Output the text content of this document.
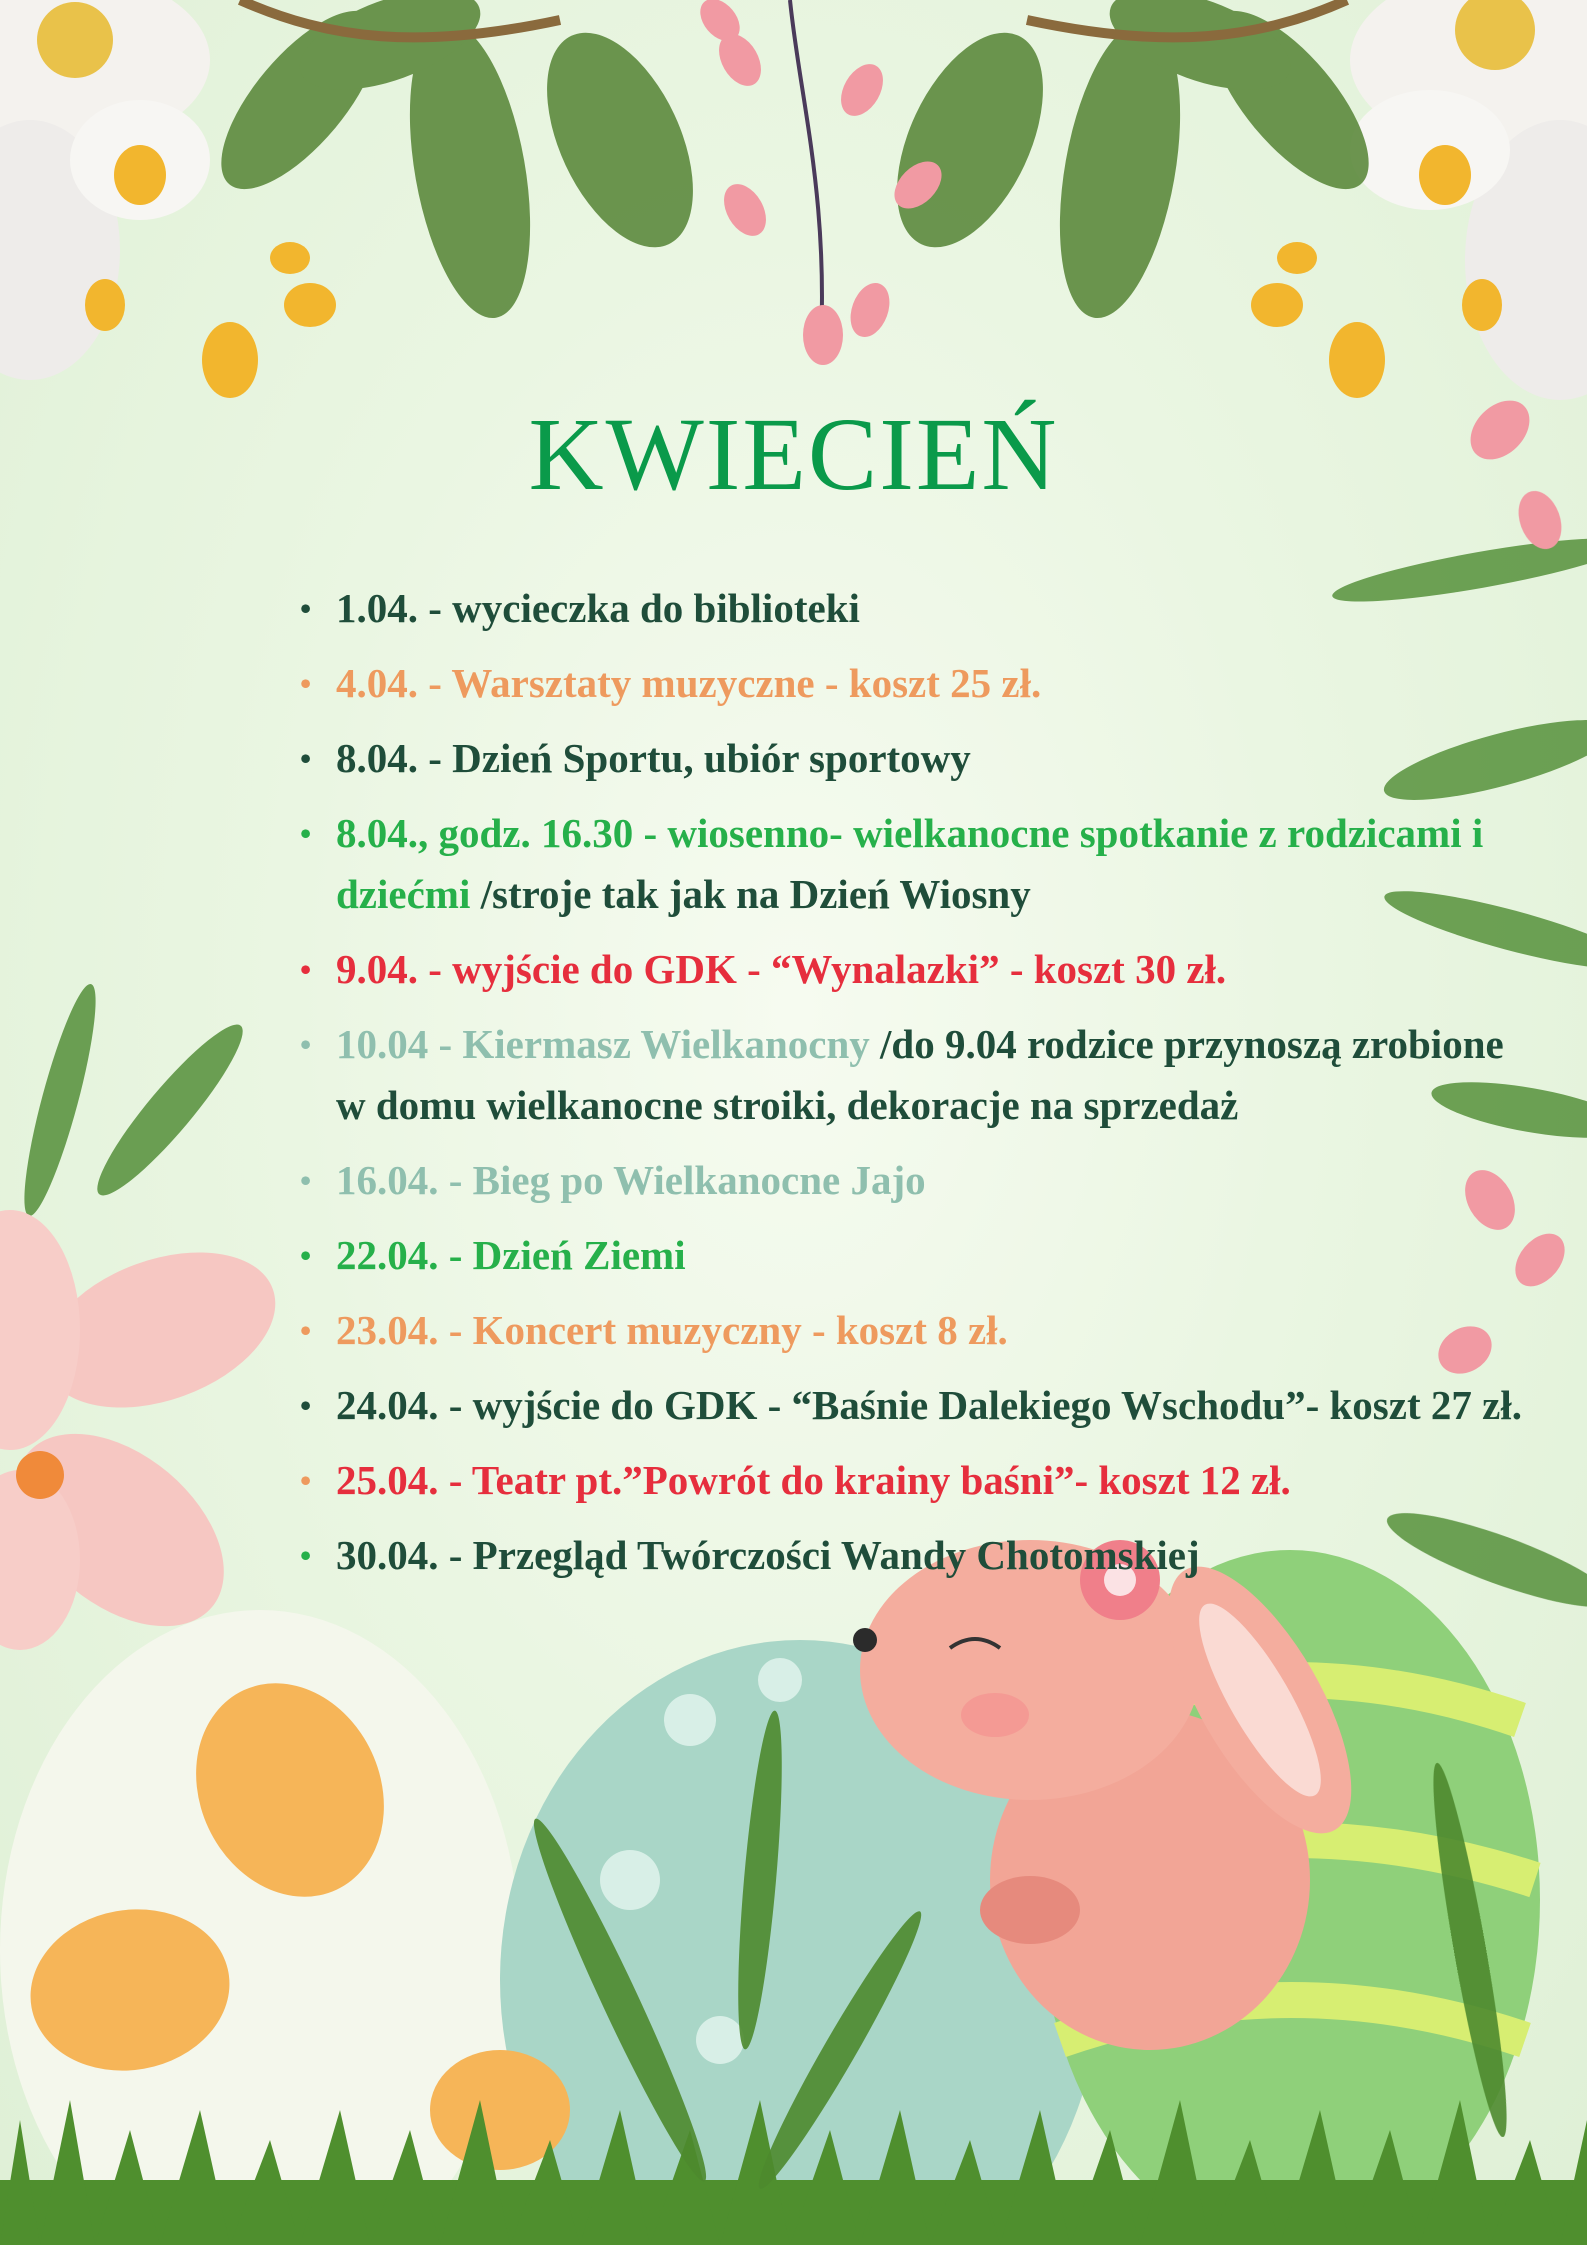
KWIECIEŃ
• 1.04. - wycieczka do biblioteki
• 4.04. - Warsztaty muzyczne - koszt 25 zł.
• 8.04. - Dzień Sportu, ubiór sportowy
• 8.04., godz. 16.30 - wiosenno- wielkanocne spotkanie z rodzicami i dziećmi /stroje tak jak na Dzień Wiosny
• 9.04. - wyjście do GDK - “Wynalazki” - koszt 30 zł.
• 10.04 - Kiermasz Wielkanocny /do 9.04 rodzice przynoszą zrobione w domu wielkanocne stroiki, dekoracje na sprzedaż
• 16.04. - Bieg po Wielkanocne Jajo
• 22.04. - Dzień Ziemi
• 23.04. - Koncert muzyczny - koszt 8 zł.
• 24.04. - wyjście do GDK - “Baśnie Dalekiego Wschodu”- koszt 27 zł.
• 25.04. - Teatr pt.”Powrót do krainy baśni”- koszt 12 zł.
• 30.04. - Przegląd Twórczości Wandy Chotomskiej
